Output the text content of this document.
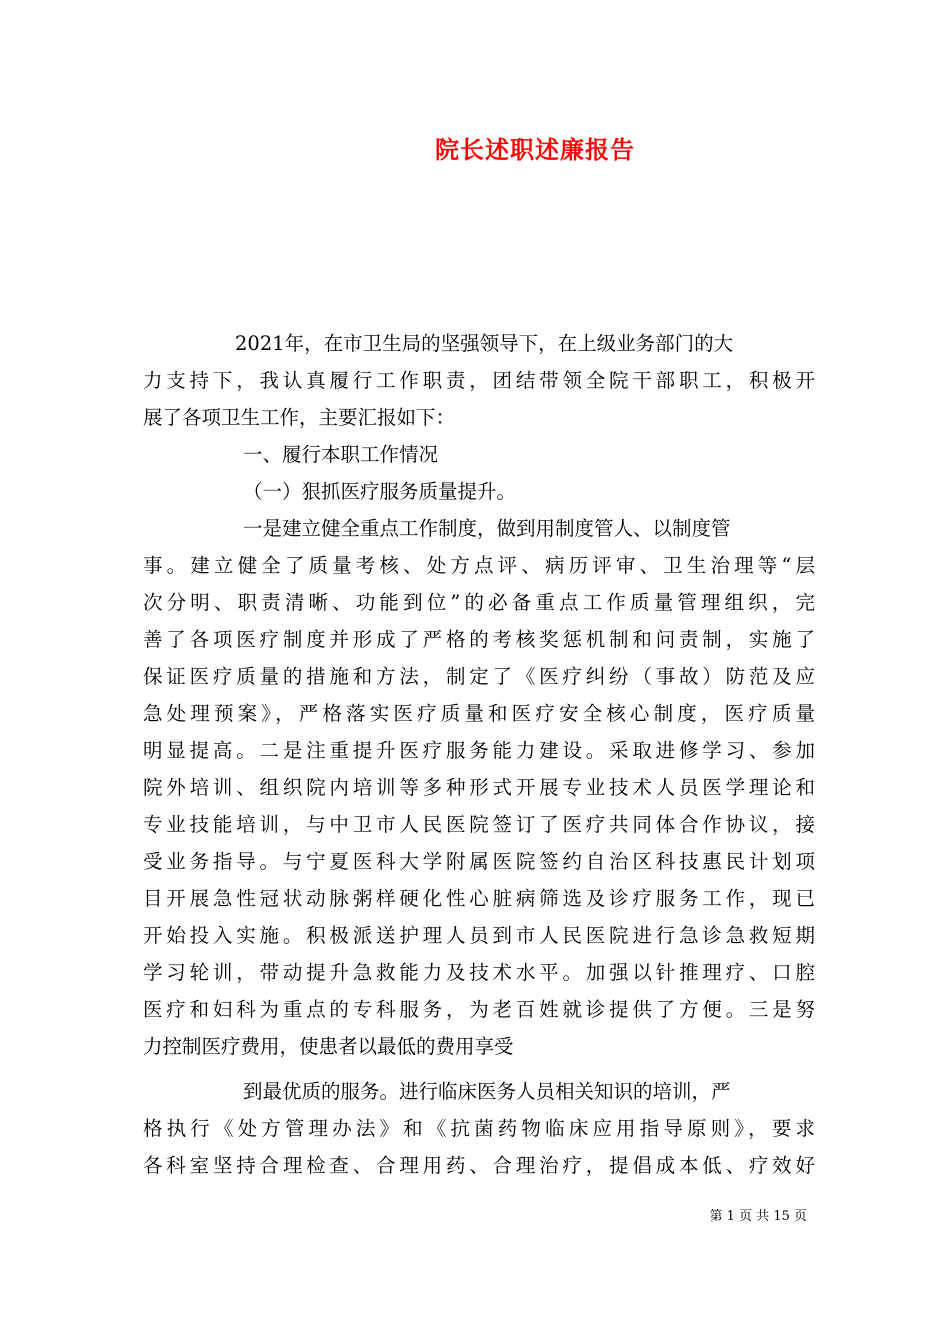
院长述职述廉报告
2021年，在市卫生局的坚强领导下，在上级业务部门的大
力支持下，我认真履行工作职责，团结带领全院干部职工，积极开
展了各项卫生工作，主要汇报如下：
一、履行本职工作情况
（一）狠抓医疗服务质量提升。
一是建立健全重点工作制度，做到用制度管人、以制度管
事。建立健全了质量考核、处方点评、病历评审、卫生治理等“层
次分明、职责清晰、功能到位”的必备重点工作质量管理组织，完
善了各项医疗制度并形成了严格的考核奖惩机制和问责制，实施了
保证医疗质量的措施和方法，制定了《医疗纠纷（事故）防范及应
急处理预案》，严格落实医疗质量和医疗安全核心制度，医疗质量
明显提高。二是注重提升医疗服务能力建设。采取进修学习、参加
院外培训、组织院内培训等多种形式开展专业技术人员医学理论和
专业技能培训，与中卫市人民医院签订了医疗共同体合作协议，接
受业务指导。与宁夏医科大学附属医院签约自治区科技惠民计划项
目开展急性冠状动脉粥样硬化性心脏病筛选及诊疗服务工作，现已
开始投入实施。积极派送护理人员到市人民医院进行急诊急救短期
学习轮训，带动提升急救能力及技术水平。加强以针推理疗、口腔
医疗和妇科为重点的专科服务，为老百姓就诊提供了方便。三是努
力控制医疗费用，使患者以最低的费用享受
到最优质的服务。进行临床医务人员相关知识的培训，严
格执行《处方管理办法》和《抗菌药物临床应用指导原则》，要求
各科室坚持合理检查、合理用药、合理治疗，提倡成本低、疗效好
第 1 页 共 15 页
